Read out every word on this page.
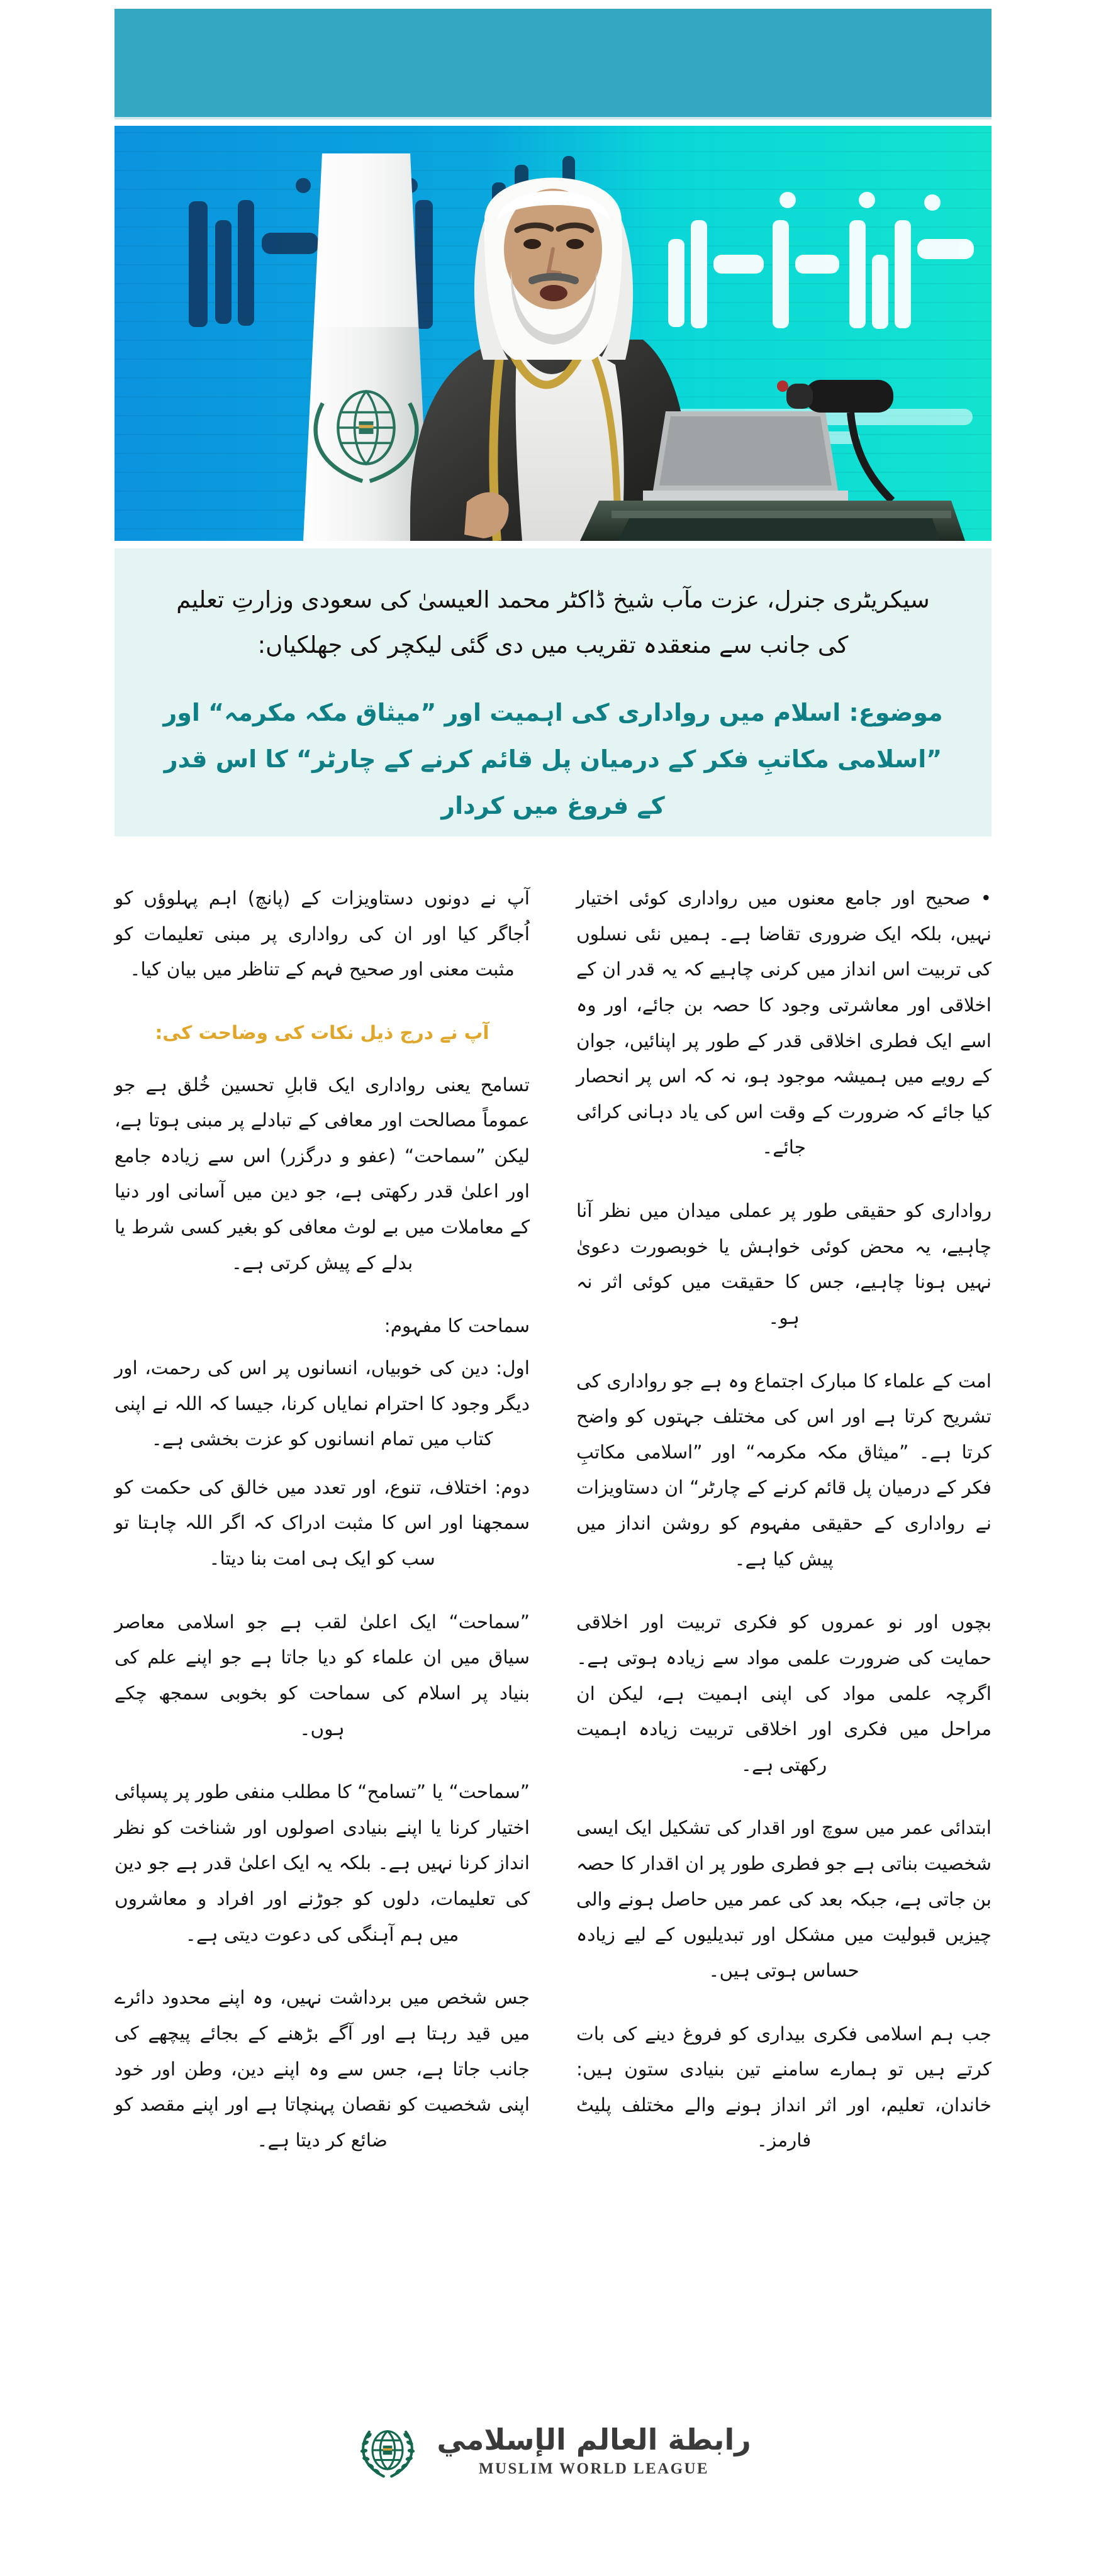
سیکریٹری جنرل، عزت مآب شیخ ڈاکٹر محمد العیسیٰ کی سعودی وزارتِ تعلیم کی جانب سے منعقدہ تقریب میں دی گئی لیکچر کی جھلکیاں:
موضوع: اسلام میں رواداری کی اہمیت اور ”میثاق مکہ مکرمہ“ اور ”اسلامی مکاتبِ فکر کے درمیان پل قائم کرنے کے چارٹر“ کا اس قدر کے فروغ میں کردار

آپ نے دونوں دستاویزات کے (پانچ) اہم پہلوؤں کو اُجاگر کیا اور ان کی رواداری پر مبنی تعلیمات کو مثبت معنی اور صحیح فہم کے تناظر میں بیان کیا۔

آپ نے درج ذیل نکات کی وضاحت کی:

تسامح یعنی رواداری ایک قابلِ تحسین خُلق ہے جو عموماً مصالحت اور معافی کے تبادلے پر مبنی ہوتا ہے، لیکن ”سماحت“ (عفو و درگزر) اس سے زیادہ جامع اور اعلیٰ قدر رکھتی ہے، جو دین میں آسانی اور دنیا کے معاملات میں بے لوث معافی کو بغیر کسی شرط یا بدلے کے پیش کرتی ہے۔

سماحت کا مفہوم:

اول: دین کی خوبیاں، انسانوں پر اس کی رحمت، اور دیگر وجود کا احترام نمایاں کرنا، جیسا کہ اللہ نے اپنی کتاب میں تمام انسانوں کو عزت بخشی ہے۔

دوم: اختلاف، تنوع، اور تعدد میں خالق کی حکمت کو سمجھنا اور اس کا مثبت ادراک کہ اگر اللہ چاہتا تو سب کو ایک ہی امت بنا دیتا۔

”سماحت“ ایک اعلیٰ لقب ہے جو اسلامی معاصر سیاق میں ان علماء کو دیا جاتا ہے جو اپنے علم کی بنیاد پر اسلام کی سماحت کو بخوبی سمجھ چکے ہوں۔

”سماحت“ یا ”تسامح“ کا مطلب منفی طور پر پسپائی اختیار کرنا یا اپنے بنیادی اصولوں اور شناخت کو نظر انداز کرنا نہیں ہے۔ بلکہ یہ ایک اعلیٰ قدر ہے جو دین کی تعلیمات، دلوں کو جوڑنے اور افراد و معاشروں میں ہم آہنگی کی دعوت دیتی ہے۔

جس شخص میں برداشت نہیں، وہ اپنے محدود دائرے میں قید رہتا ہے اور آگے بڑھنے کے بجائے پیچھے کی جانب جاتا ہے، جس سے وہ اپنے دین، وطن اور خود اپنی شخصیت کو نقصان پہنچاتا ہے اور اپنے مقصد کو ضائع کر دیتا ہے۔

• صحیح اور جامع معنوں میں رواداری کوئی اختیار نہیں، بلکہ ایک ضروری تقاضا ہے۔ ہمیں نئی نسلوں کی تربیت اس انداز میں کرنی چاہیے کہ یہ قدر ان کے اخلاقی اور معاشرتی وجود کا حصہ بن جائے، اور وہ اسے ایک فطری اخلاقی قدر کے طور پر اپنائیں، جوان کے رویے میں ہمیشہ موجود ہو، نہ کہ اس پر انحصار کیا جائے کہ ضرورت کے وقت اس کی یاد دہانی کرائی جائے۔

رواداری کو حقیقی طور پر عملی میدان میں نظر آنا چاہیے، یہ محض کوئی خواہش یا خوبصورت دعویٰ نہیں ہونا چاہیے، جس کا حقیقت میں کوئی اثر نہ ہو۔

امت کے علماء کا مبارک اجتماع وہ ہے جو رواداری کی تشریح کرتا ہے اور اس کی مختلف جہتوں کو واضح کرتا ہے۔ ”میثاق مکہ مکرمہ“ اور ”اسلامی مکاتبِ فکر کے درمیان پل قائم کرنے کے چارٹر“ ان دستاویزات نے رواداری کے حقیقی مفہوم کو روشن انداز میں پیش کیا ہے۔

بچوں اور نو عمروں کو فکری تربیت اور اخلاقی حمایت کی ضرورت علمی مواد سے زیادہ ہوتی ہے۔ اگرچہ علمی مواد کی اپنی اہمیت ہے، لیکن ان مراحل میں فکری اور اخلاقی تربیت زیادہ اہمیت رکھتی ہے۔

ابتدائی عمر میں سوچ اور اقدار کی تشکیل ایک ایسی شخصیت بناتی ہے جو فطری طور پر ان اقدار کا حصہ بن جاتی ہے، جبکہ بعد کی عمر میں حاصل ہونے والی چیزیں قبولیت میں مشکل اور تبدیلیوں کے لیے زیادہ حساس ہوتی ہیں۔

جب ہم اسلامی فکری بیداری کو فروغ دینے کی بات کرتے ہیں تو ہمارے سامنے تین بنیادی ستون ہیں: خاندان، تعلیم، اور اثر انداز ہونے والے مختلف پلیٹ فارمز۔

رابطة العالم الإسلامي
MUSLIM WORLD LEAGUE
